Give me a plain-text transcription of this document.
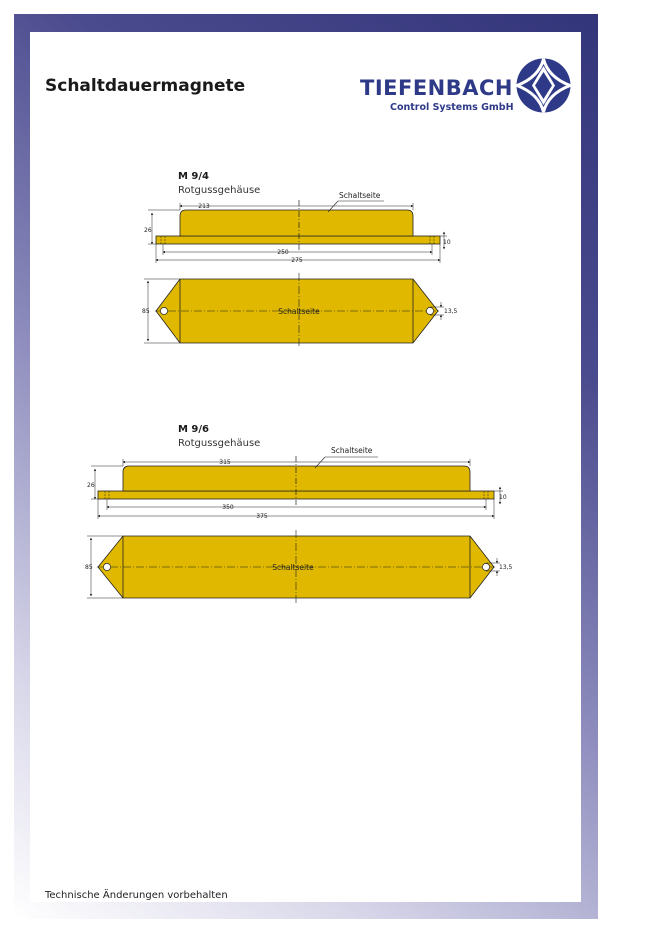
Schaltdauermagnete	TIEFENBACH
Control Systems GmbH
M 9/4
Rotgussgehäuse
M 9/6
Rotgussgehäuse
Technische Änderungen vorbehalten
Schaltseite
213
250
275
26
10
Schaltseite
85	13,5
Schaltseite
315
350
375
26
10
Schaltseite
85	13,5
